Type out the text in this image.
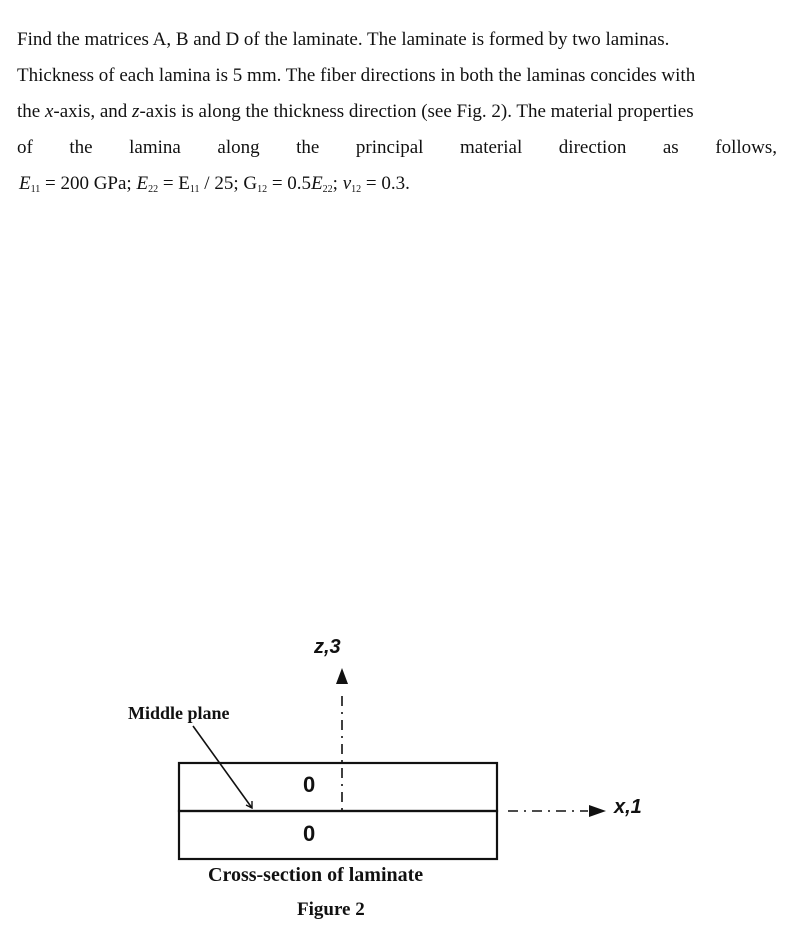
Find the matrices A, B and D of the laminate. The laminate is formed by two laminas.
Thickness of each lamina is 5 mm. The fiber directions in both the laminas concides with
the x-axis, and z-axis is along the thickness direction (see Fig. 2). The material properties
of the lamina along the principal material direction as follows,
$E_{11} = 200$ GPa; $E_{22} = E_{11} / 25$; $G_{12} = 0.5E_{22}$; $\nu_{12} = 0.3$.
z,3
x,1
Middle plane
0
0
Cross-section of laminate
Figure 2
